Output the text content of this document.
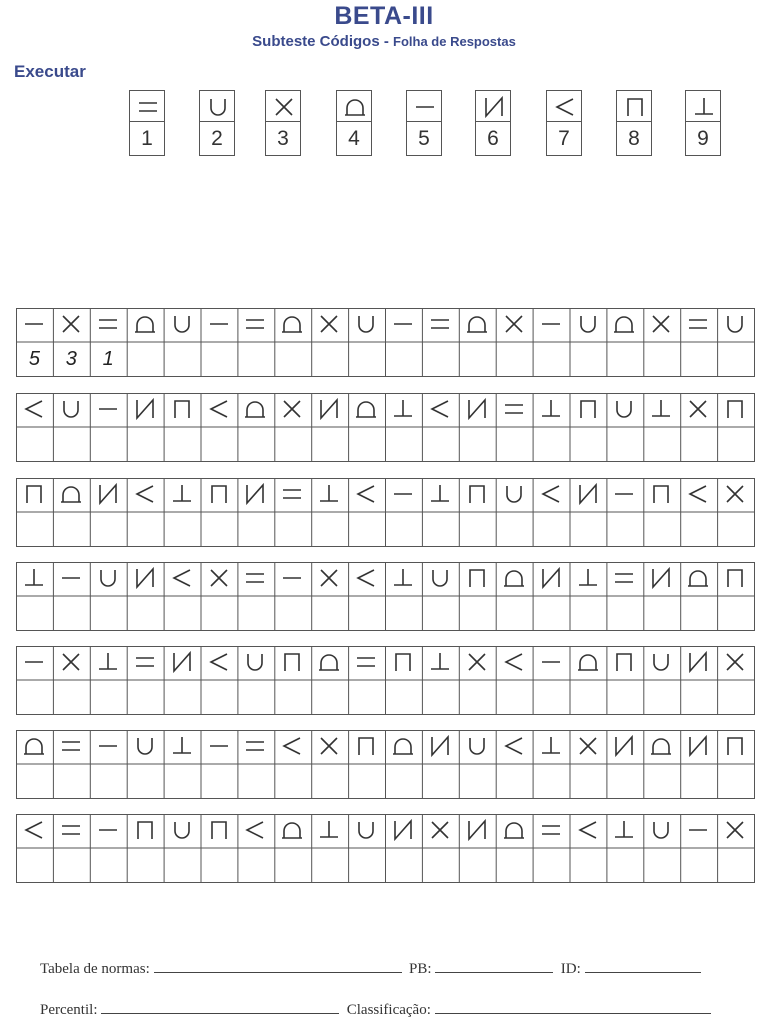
BETA-III
Subteste Códigos - Folha de Respostas
Executar
1	2	3	4	5	6	7	8	9
5	3	1
Tabela de normas:	PB:	ID:
Percentil:	Classificação:
